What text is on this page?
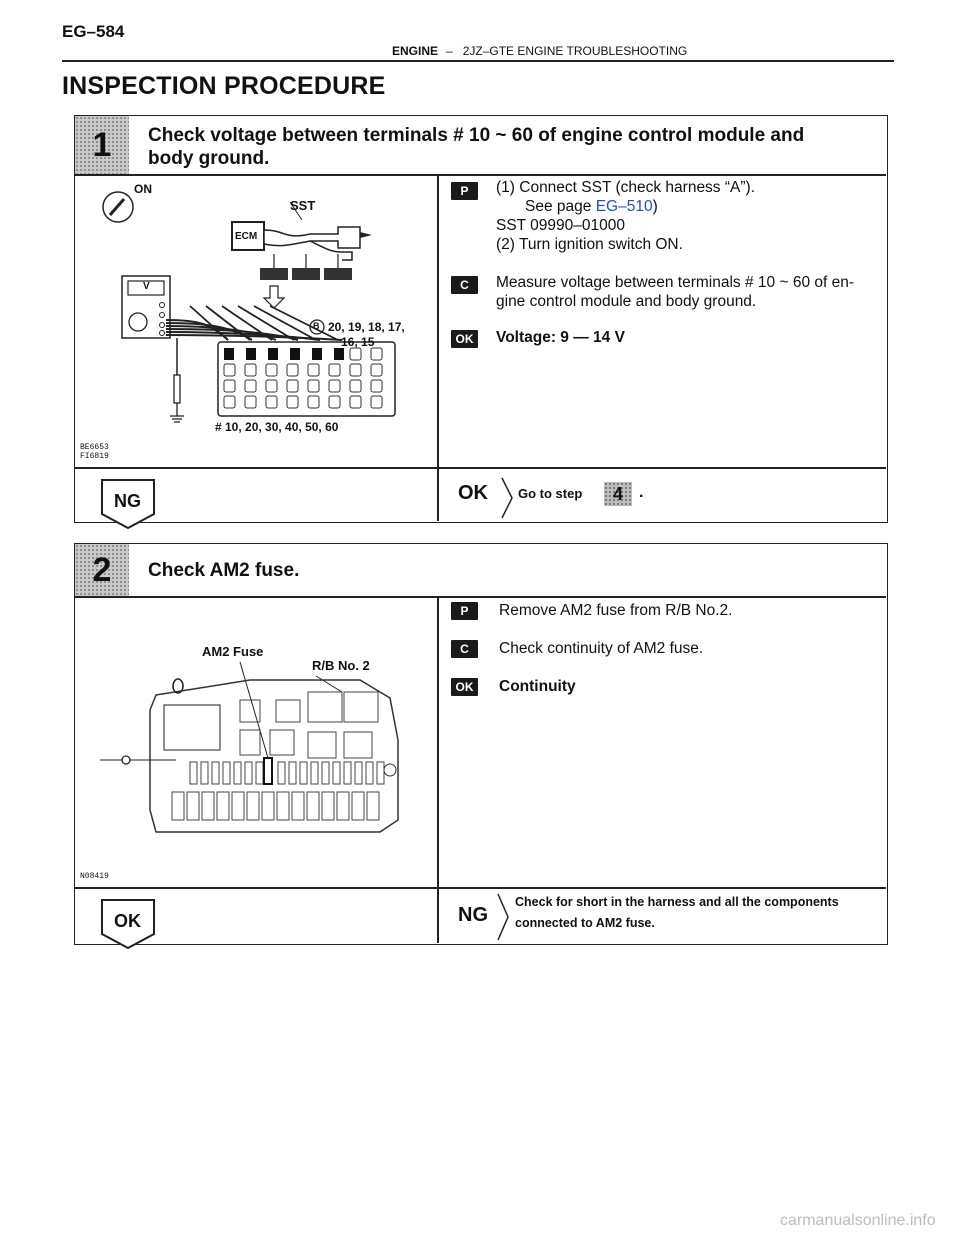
EG–584
ENGINE – 2JZ–GTE ENGINE TROUBLESHOOTING
INSPECTION PROCEDURE
1 Check voltage between terminals # 10 ~ 60 of engine control module and
body ground.
ON
SST
ECM
V
B 20, 19, 18, 17,
16, 15
# 10, 20, 30, 40, 50, 60
BE6653
FI6819
P (1) Connect SST (check harness “A”).
See page EG–510)
SST 09990–01000
(2) Turn ignition switch ON.
C Measure voltage between terminals # 10 ~ 60 of en-
gine control module and body ground.
OK Voltage: 9 — 14 V
NG	OK Go to step 4 .
2 Check AM2 fuse.
AM2 Fuse
R/B No. 2
N08419
P Remove AM2 fuse from R/B No.2.
C Check continuity of AM2 fuse.
OK Continuity
OK	NG
Check for short in the harness and all the components
connected to AM2 fuse.
carmanualsonline.info
